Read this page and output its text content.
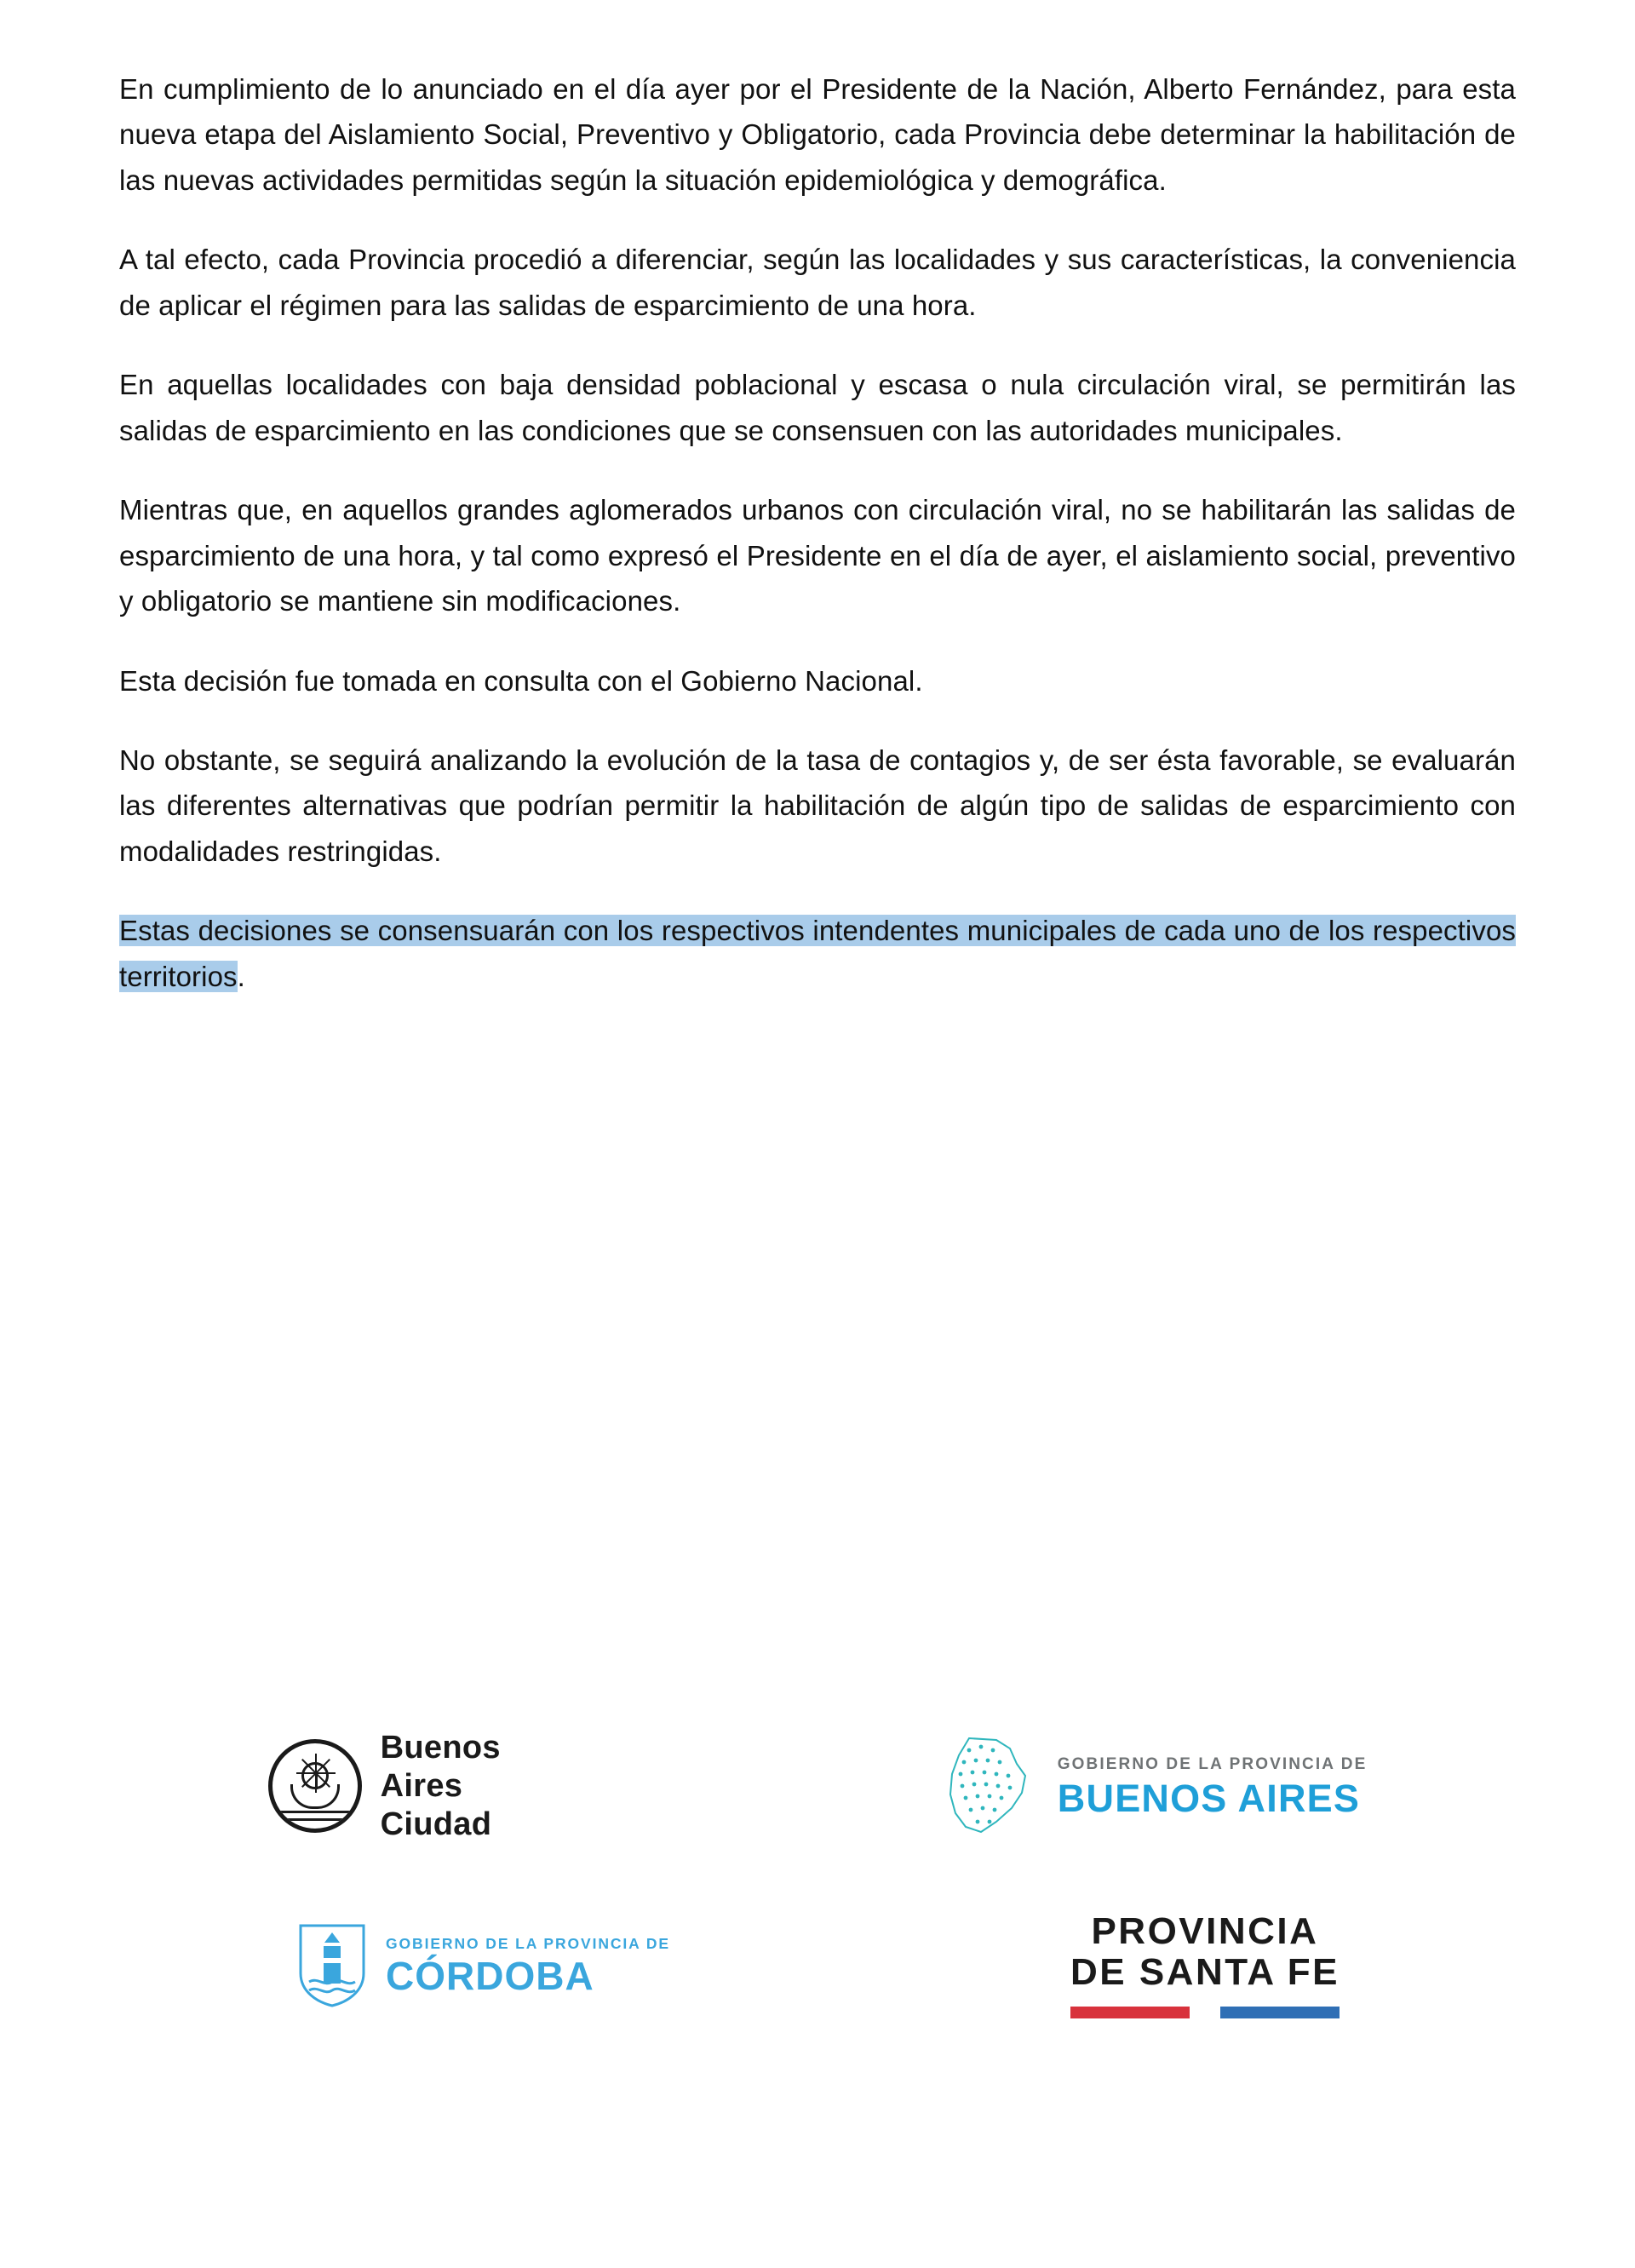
En cumplimiento de lo anunciado en el día ayer por el Presidente de la Nación, Alberto Fernández, para esta nueva etapa del Aislamiento Social, Preventivo y Obligatorio, cada Provincia debe determinar la habilitación de las nuevas actividades permitidas según la situación epidemiológica y demográfica.

A tal efecto, cada Provincia procedió a diferenciar, según las localidades y sus características, la conveniencia de aplicar el régimen para las salidas de esparcimiento de una hora.

En aquellas localidades con baja densidad poblacional y escasa o nula circulación viral, se permitirán las salidas de esparcimiento en las condiciones que se consensuen con las autoridades municipales.

Mientras que, en aquellos grandes aglomerados urbanos con circulación viral, no se habilitarán las salidas de esparcimiento de una hora, y tal como expresó el Presidente en el día de ayer, el aislamiento social, preventivo y obligatorio se mantiene sin modificaciones.

Esta decisión fue tomada en consulta con el Gobierno Nacional.

No obstante, se seguirá analizando la evolución de la tasa de contagios y, de ser ésta favorable, se evaluarán las diferentes alternativas que podrían permitir la habilitación de algún tipo de salidas de esparcimiento con modalidades restringidas.

Estas decisiones se consensuarán con los respectivos intendentes municipales de cada uno de los respectivos territorios.

Buenos
Aires
Ciudad
GOBIERNO DE LA PROVINCIA DE
BUENOS AIRES
GOBIERNO DE LA PROVINCIA DE
CÓRDOBA
PROVINCIA
DE SANTA FE
